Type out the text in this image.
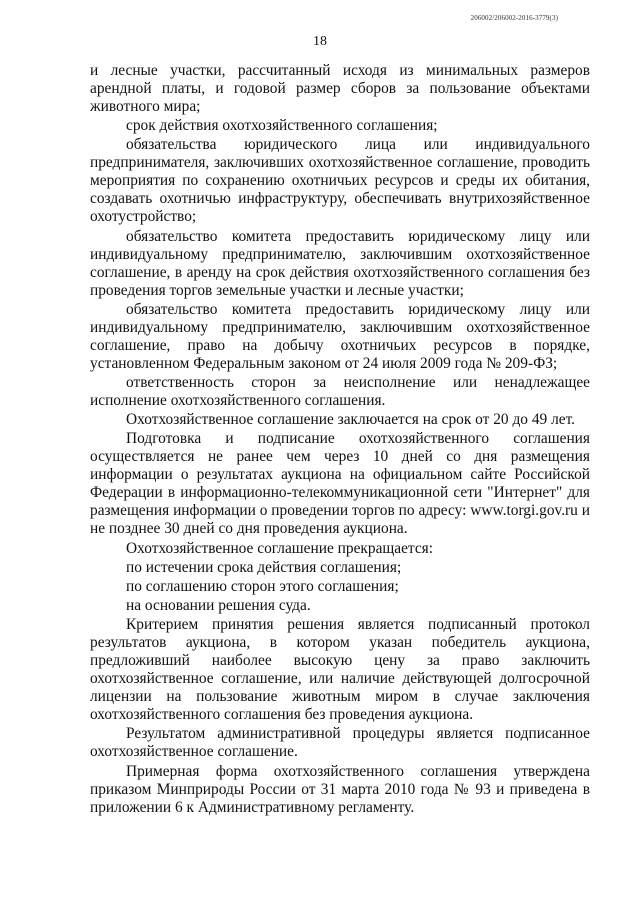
206002/206002-2016-3779(3)
18

и лесные участки, рассчитанный исходя из минимальных размеров арендной платы, и годовой размер сборов за пользование объектами животного мира;

срок действия охотхозяйственного соглашения;

обязательства юридического лица или индивидуального предпринимателя, заключивших охотхозяйственное соглашение, проводить мероприятия по сохранению охотничьих ресурсов и среды их обитания, создавать охотничью инфраструктуру, обеспечивать внутрихозяйственное охотустройство;

обязательство комитета предоставить юридическому лицу или индивидуальному предпринимателю, заключившим охотхозяйственное соглашение, в аренду на срок действия охотхозяйственного соглашения без проведения торгов земельные участки и лесные участки;

обязательство комитета предоставить юридическому лицу или индивидуальному предпринимателю, заключившим охотхозяйственное соглашение, право на добычу охотничьих ресурсов в порядке, установленном Федеральным законом от 24 июля 2009 года № 209-ФЗ;

ответственность сторон за неисполнение или ненадлежащее исполнение охотхозяйственного соглашения.

Охотхозяйственное соглашение заключается на срок от 20 до 49 лет.

Подготовка и подписание охотхозяйственного соглашения осуществляется не ранее чем через 10 дней со дня размещения информации о результатах аукциона на официальном сайте Российской Федерации в информационно-телекоммуникационной сети "Интернет" для размещения информации о проведении торгов по адресу: www.torgi.gov.ru и не позднее 30 дней со дня проведения аукциона.

Охотхозяйственное соглашение прекращается:

по истечении срока действия соглашения;

по соглашению сторон этого соглашения;

на основании решения суда.

Критерием принятия решения является подписанный протокол результатов аукциона, в котором указан победитель аукциона, предложивший наиболее высокую цену за право заключить охотхозяйственное соглашение, или наличие действующей долгосрочной лицензии на пользование животным миром в случае заключения охотхозяйственного соглашения без проведения аукциона.

Результатом административной процедуры является подписанное охотхозяйственное соглашение.

Примерная форма охотхозяйственного соглашения утверждена приказом Минприроды России от 31 марта 2010 года № 93 и приведена в приложении 6 к Административному регламенту.
